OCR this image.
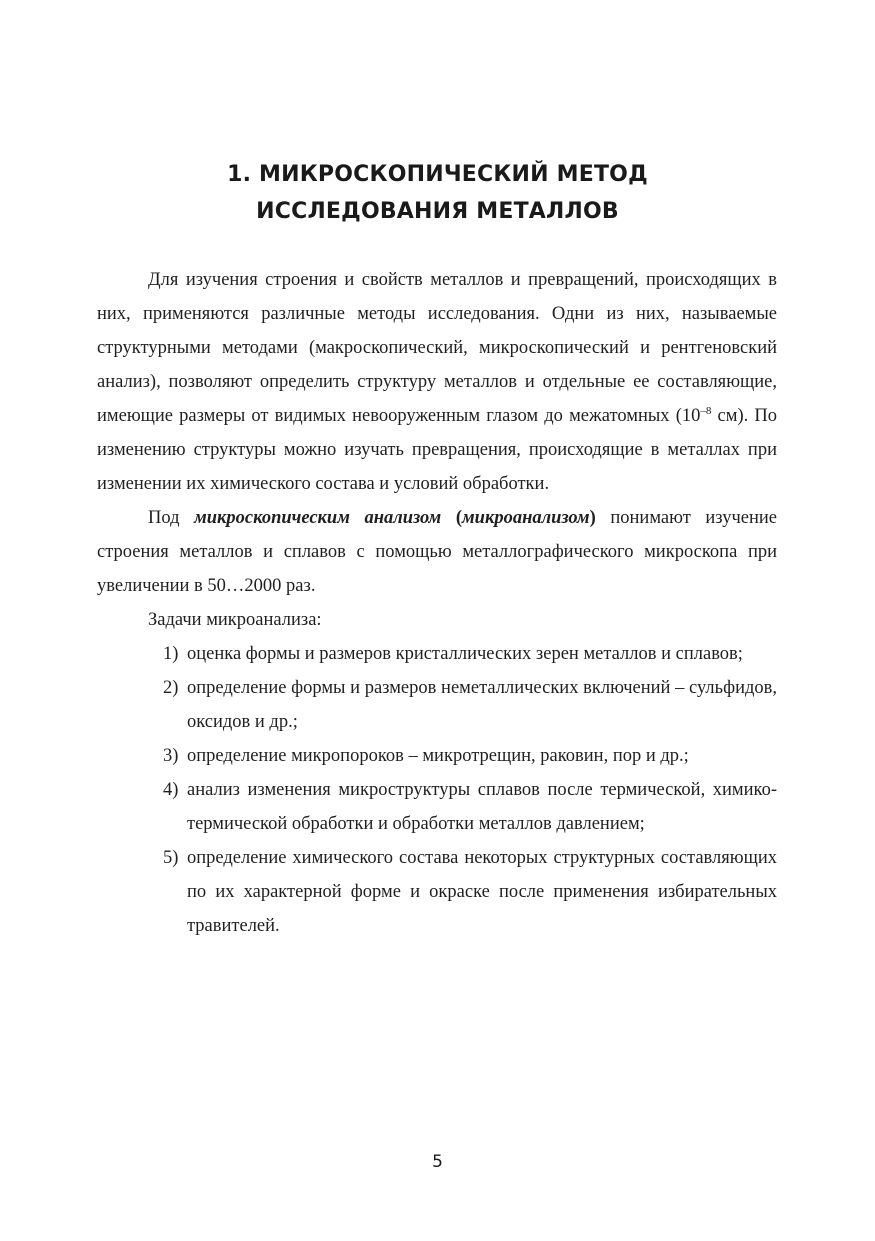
1. МИКРОСКОПИЧЕСКИЙ МЕТОД
ИССЛЕДОВАНИЯ МЕТАЛЛОВ

Для изучения строения и свойств металлов и превращений, происходящих в них, применяются различные методы исследования. Одни из них, называемые структурными методами (макроскопический, микроскопический и рентгеновский анализ), позволяют определить структуру металлов и отдельные ее составляющие, имеющие размеры от видимых невооруженным глазом до межатомных ($10^{-8}$ см). По изменению структуры можно изучать превращения, происходящие в металлах при изменении их химического состава и условий обработки.

Под микроскопическим анализом (микроанализом) понимают изучение строения металлов и сплавов с помощью металлографического микроскопа при увеличении в 50…2000 раз.

Задачи микроанализа:

1) оценка формы и размеров кристаллических зерен металлов и сплавов;
2) определение формы и размеров неметаллических включений – сульфидов, оксидов и др.;
3) определение микропороков – микротрещин, раковин, пор и др.;
4) анализ изменения микроструктуры сплавов после термической, химико-термической обработки и обработки металлов давлением;
5) определение химического состава некоторых структурных составляющих по их характерной форме и окраске после применения избирательных травителей.
5
